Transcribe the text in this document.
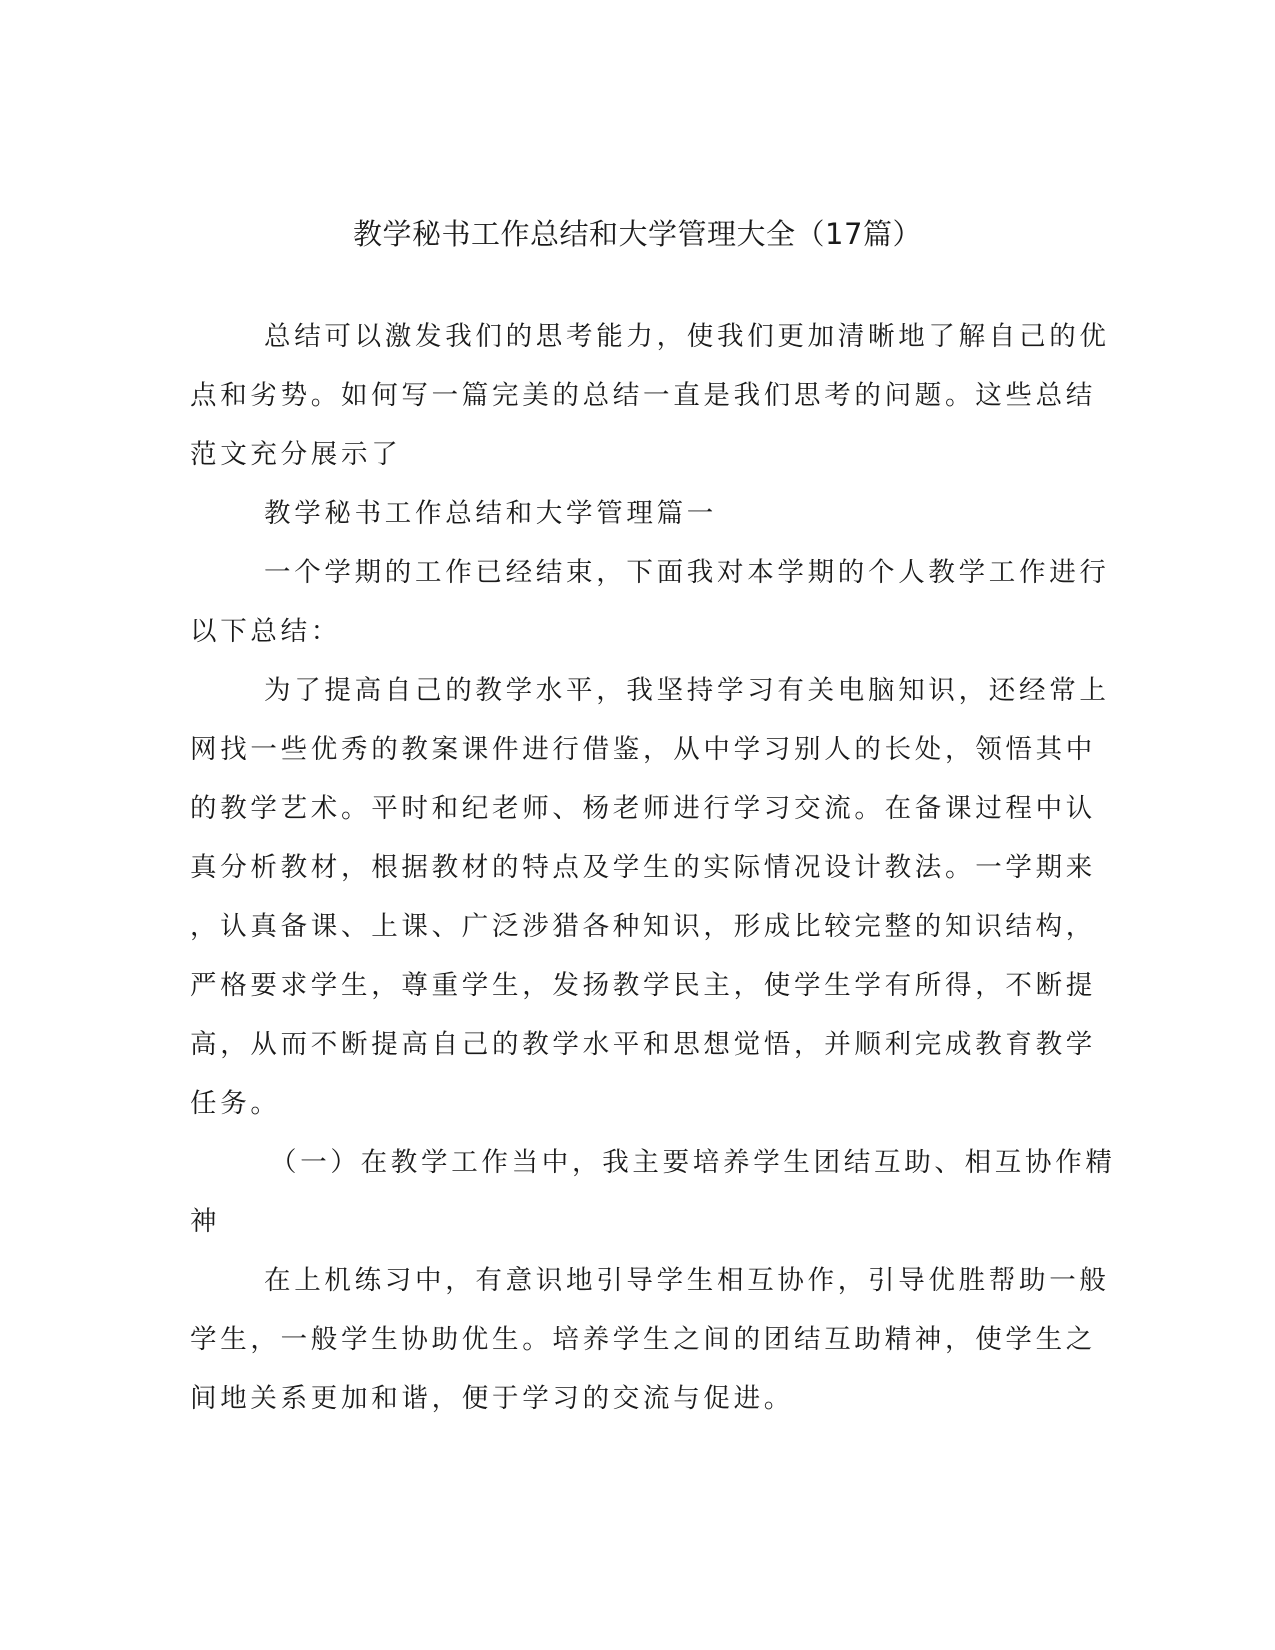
教学秘书工作总结和大学管理大全（17篇）

总结可以激发我们的思考能力，使我们更加清晰地了解自己的优

点和劣势。如何写一篇完美的总结一直是我们思考的问题。这些总结

范文充分展示了

教学秘书工作总结和大学管理篇一

一个学期的工作已经结束，下面我对本学期的个人教学工作进行

以下总结：

为了提高自己的教学水平，我坚持学习有关电脑知识，还经常上

网找一些优秀的教案课件进行借鉴，从中学习别人的长处，领悟其中

的教学艺术。平时和纪老师、杨老师进行学习交流。在备课过程中认

真分析教材，根据教材的特点及学生的实际情况设计教法。一学期来

，认真备课、上课、广泛涉猎各种知识，形成比较完整的知识结构，

严格要求学生，尊重学生，发扬教学民主，使学生学有所得，不断提

高，从而不断提高自己的教学水平和思想觉悟，并顺利完成教育教学

任务。

（一）在教学工作当中，我主要培养学生团结互助、相互协作精

神

在上机练习中，有意识地引导学生相互协作，引导优胜帮助一般

学生，一般学生协助优生。培养学生之间的团结互助精神，使学生之

间地关系更加和谐，便于学习的交流与促进。
